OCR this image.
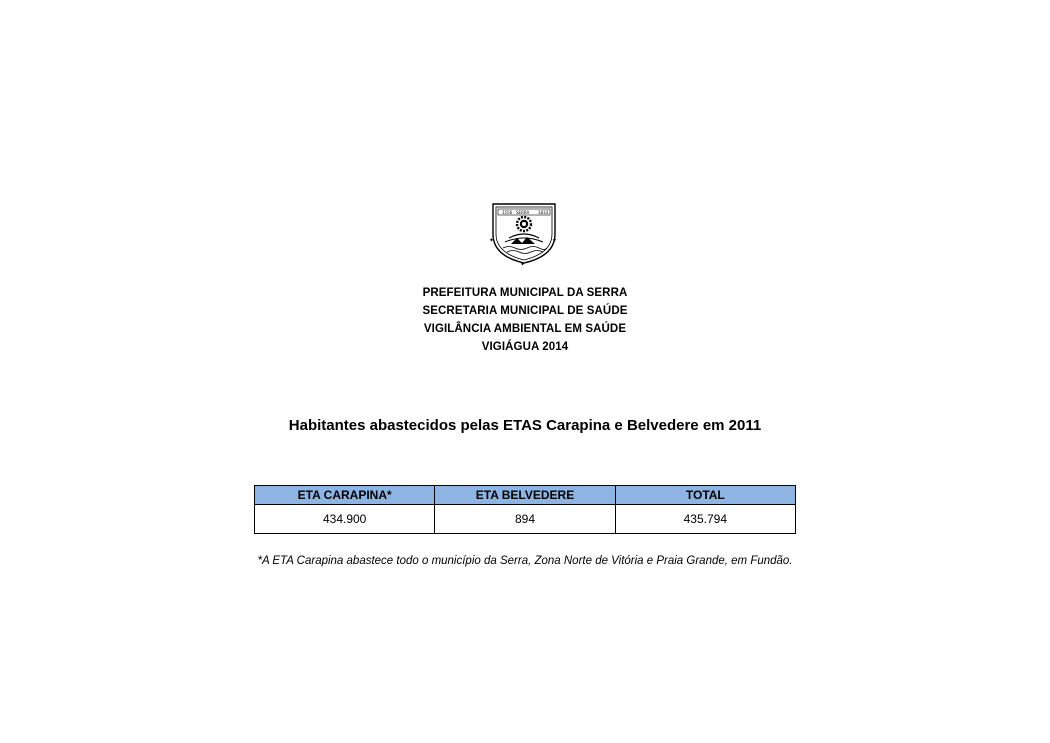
1556 SERRA 1833
✦	✦
✦
PREFEITURA MUNICIPAL DA SERRA
SECRETARIA MUNICIPAL DE SAÚDE
VIGILÂNCIA AMBIENTAL EM SAÚDE
VIGIÁGUA 2014
Habitantes abastecidos pelas ETAS Carapina e Belvedere em 2011
ETA CARAPINA*	ETA BELVEDERE	TOTAL
434.900	894	435.794
*A ETA Carapina abastece todo o município da Serra, Zona Norte de Vitória e Praia Grande, em Fundão.
